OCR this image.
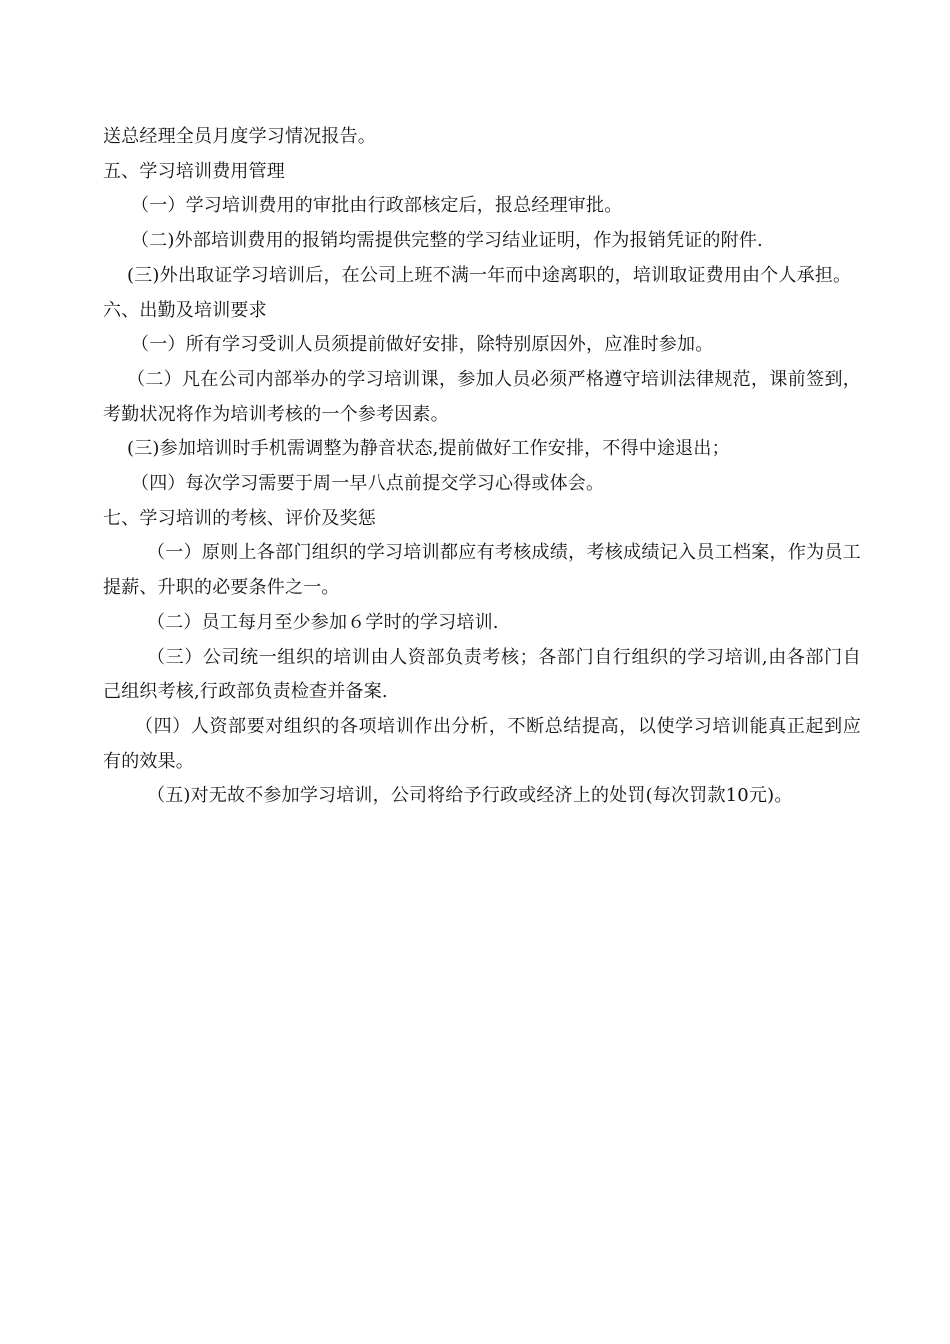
送总经理全员月度学习情况报告。

五、学习培训费用管理

（一）学习培训费用的审批由行政部核定后，报总经理审批。

（二)外部培训费用的报销均需提供完整的学习结业证明，作为报销凭证的附件.

(三)外出取证学习培训后，在公司上班不满一年而中途离职的，培训取证费用由个人承担。

六、出勤及培训要求

（一）所有学习受训人员须提前做好安排，除特别原因外，应准时参加。

（二）凡在公司内部举办的学习培训课，参加人员必须严格遵守培训法律规范，课前签到，考勤状况将作为培训考核的一个参考因素。

(三)参加培训时手机需调整为静音状态,提前做好工作安排，不得中途退出；

（四）每次学习需要于周一早八点前提交学习心得或体会。

七、学习培训的考核、评价及奖惩

（一）原则上各部门组织的学习培训都应有考核成绩，考核成绩记入员工档案，作为员工提薪、升职的必要条件之一。

（二）员工每月至少参加６学时的学习培训.

（三）公司统一组织的培训由人资部负责考核；各部门自行组织的学习培训,由各部门自己组织考核,行政部负责检查并备案.

（四）人资部要对组织的各项培训作出分析，不断总结提高，以使学习培训能真正起到应有的效果。

（五)对无故不参加学习培训，公司将给予行政或经济上的处罚(每次罚款10元)。
